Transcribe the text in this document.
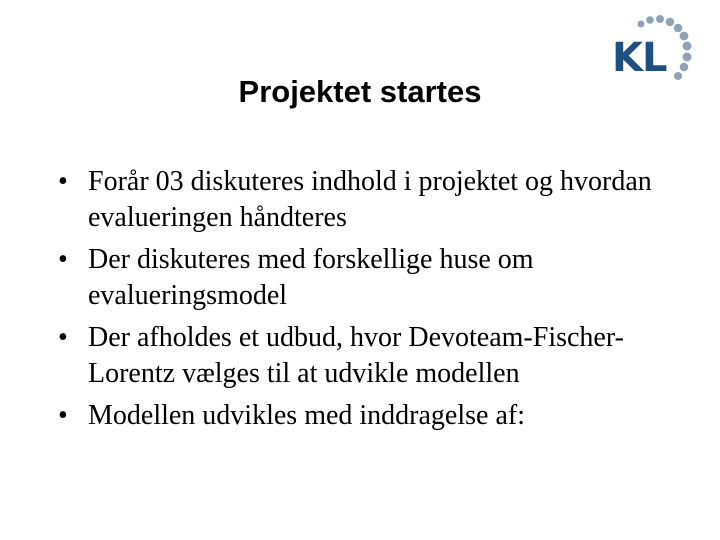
KL
Projektet startes
• Forår 03 diskuteres indhold i projektet og hvordan evalueringen håndteres
• Der diskuteres med forskellige huse om evalueringsmodel
• Der afholdes et udbud, hvor Devoteam-Fischer-Lorentz vælges til at udvikle modellen
• Modellen udvikles med inddragelse af:
